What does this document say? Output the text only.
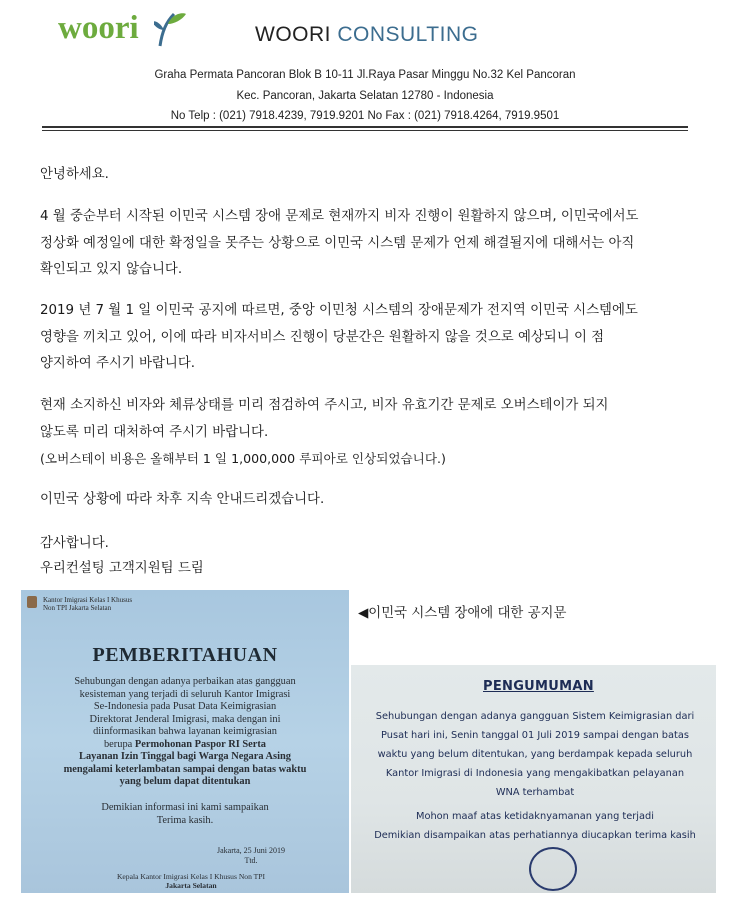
woori	WOORI CONSULTING
Graha Permata Pancoran Blok B 10-11 Jl.Raya Pasar Minggu No.32 Kel Pancoran
Kec. Pancoran, Jakarta Selatan 12780 - Indonesia
No Telp : (021) 7918.4239, 7919.9201 No Fax : (021) 7918.4264, 7919.9501
안녕하세요.
4 월 중순부터 시작된 이민국 시스템 장애 문제로 현재까지 비자 진행이 원활하지 않으며, 이민국에서도
정상화 예정일에 대한 확정일을 못주는 상황으로 이민국 시스템 문제가 언제 해결될지에 대해서는 아직
확인되고 있지 않습니다.
2019 년 7 월 1 일 이민국 공지에 따르면, 중앙 이민청 시스템의 장애문제가 전지역 이민국 시스템에도
영향을 끼치고 있어, 이에 따라 비자서비스 진행이 당분간은 원활하지 않을 것으로 예상되니 이 점
양지하여 주시기 바랍니다.
현재 소지하신 비자와 체류상태를 미리 점검하여 주시고, 비자 유효기간 문제로 오버스테이가 되지
않도록 미리 대처하여 주시기 바랍니다.
(오버스테이 비용은 올해부터 1 일 1,000,000 루피아로 인상되었습니다.)
이민국 상황에 따라 차후 지속 안내드리겠습니다.
감사합니다.
우리컨설팅 고객지원팀 드림
◀이민국 시스템 장애에 대한 공지문
Kantor Imigrasi Kelas I Khusus
Non TPI Jakarta Selatan
PEMBERITAHUAN
Sehubungan dengan adanya perbaikan atas gangguan
kesisteman yang terjadi di seluruh Kantor Imigrasi
Se-Indonesia pada Pusat Data Keimigrasian
Direktorat Jenderal Imigrasi, maka dengan ini
diinformasikan bahwa layanan keimigrasian
berupa Permohonan Paspor RI Serta
Layanan Izin Tinggal bagi Warga Negara Asing
mengalami keterlambatan sampai dengan batas waktu
yang belum dapat ditentukan
Demikian informasi ini kami sampaikan
Terima kasih.
Jakarta, 25 Juni 2019
Ttd.
Kepala Kantor Imigrasi Kelas I Khusus Non TPI
Jakarta Selatan
PENGUMUMAN
Sehubungan dengan adanya gangguan Sistem Keimigrasian dari
Pusat hari ini, Senin tanggal 01 Juli 2019 sampai dengan batas
waktu yang belum ditentukan, yang berdampak kepada seluruh
Kantor Imigrasi di Indonesia yang mengakibatkan pelayanan
WNA terhambat
Mohon maaf atas ketidaknyamanan yang terjadi
Demikian disampaikan atas perhatiannya diucapkan terima kasih
